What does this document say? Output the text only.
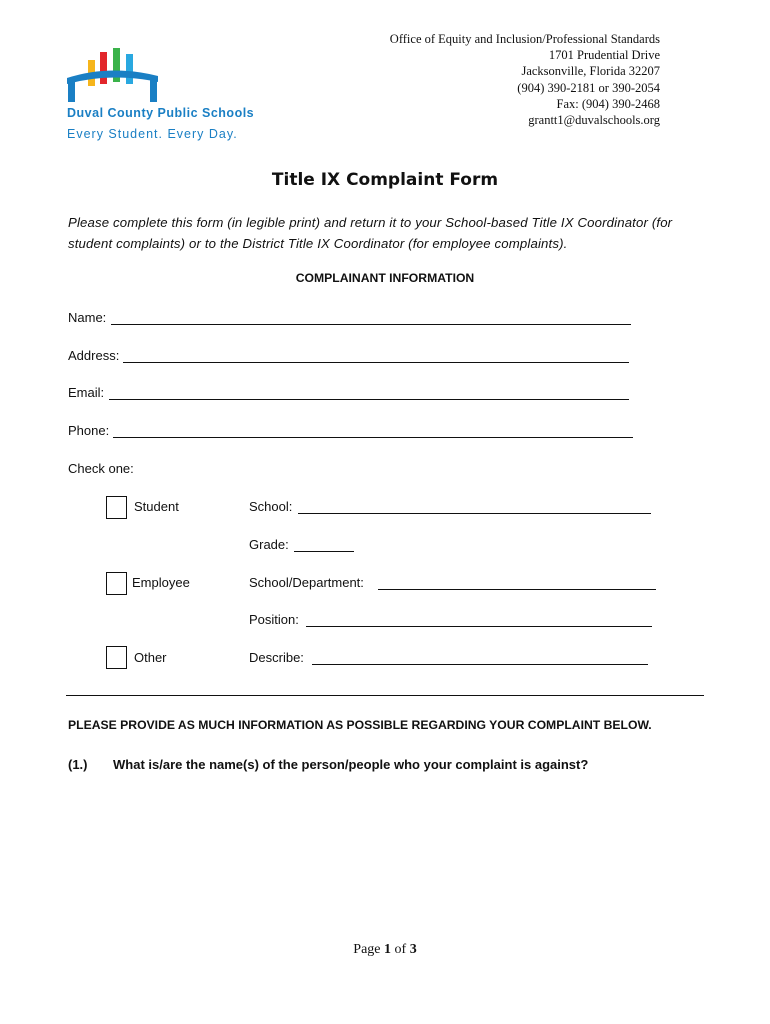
Duval County Public Schools
Every Student. Every Day.
Office of Equity and Inclusion/Professional Standards
1701 Prudential Drive
Jacksonville, Florida 32207
(904) 390-2181 or 390-2054
Fax: (904) 390-2468
grantt1@duvalschools.org
Title IX Complaint Form
Please complete this form (in legible print) and return it to your School-based Title IX Coordinator (for student complaints) or to the District Title IX Coordinator (for employee complaints).
COMPLAINANT INFORMATION
Name:
Address:
Email:
Phone:
Check one:
Student	School:
Grade:
Employee	School/Department:
Position:
Other	Describe:
PLEASE PROVIDE AS MUCH INFORMATION AS POSSIBLE REGARDING YOUR COMPLAINT BELOW.
(1.) What is/are the name(s) of the person/people who your complaint is against?
Page 1 of 3
